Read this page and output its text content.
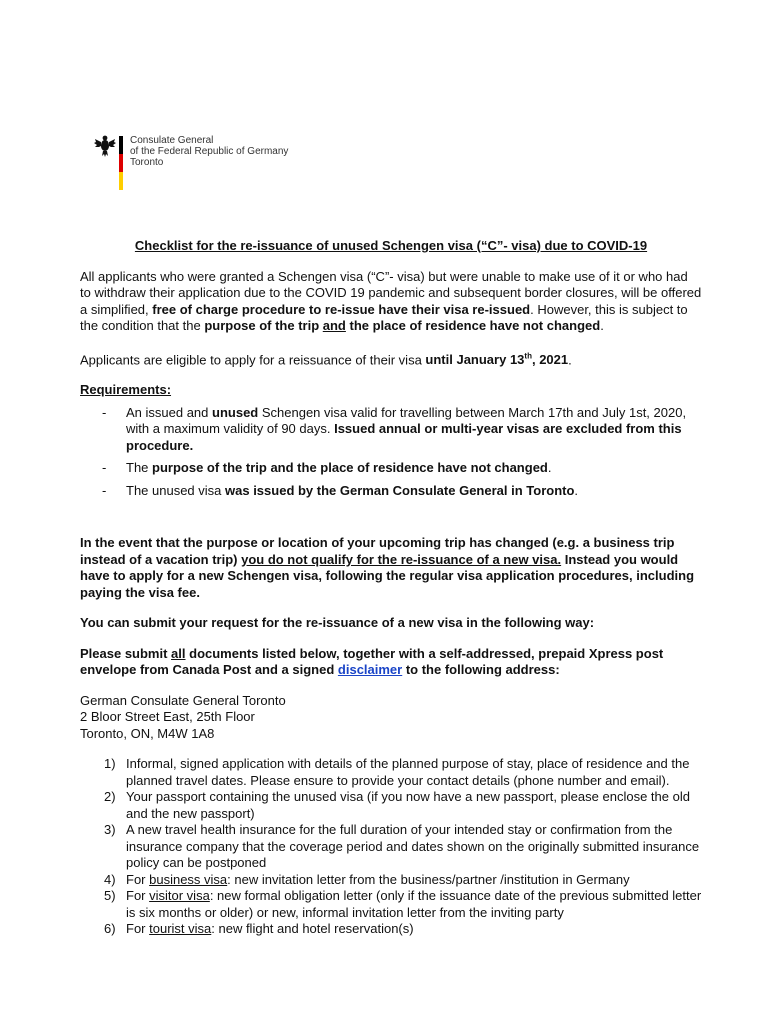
Consulate General
of the Federal Republic of Germany
Toronto
Checklist for the re-issuance of unused Schengen visa (“C”- visa) due to COVID-19

All applicants who were granted a Schengen visa (“C”- visa) but were unable to make use of it or who had to withdraw their application due to the COVID 19 pandemic and subsequent border closures, will be offered a simplified, free of charge procedure to re-issue have their visa re-issued. However, this is subject to the condition that the purpose of the trip and the place of residence have not changed.

Applicants are eligible to apply for a reissuance of their visa until January 13th, 2021.

Requirements:
- An issued and unused Schengen visa valid for travelling between March 17th and July 1st, 2020, with a maximum validity of 90 days. Issued annual or multi-year visas are excluded from this procedure.
- The purpose of the trip and the place of residence have not changed.
- The unused visa was issued by the German Consulate General in Toronto.

In the event that the purpose or location of your upcoming trip has changed (e.g. a business trip instead of a vacation trip) you do not qualify for the re-issuance of a new visa. Instead you would have to apply for a new Schengen visa, following the regular visa application procedures, including paying the visa fee.

You can submit your request for the re-issuance of a new visa in the following way:

Please submit all documents listed below, together with a self-addressed, prepaid Xpress post envelope from Canada Post and a signed disclaimer to the following address:

German Consulate General Toronto
2 Bloor Street East, 25th Floor
Toronto, ON, M4W 1A8
1) Informal, signed application with details of the planned purpose of stay, place of residence and the planned travel dates. Please ensure to provide your contact details (phone number and email).
2) Your passport containing the unused visa (if you now have a new passport, please enclose the old and the new passport)
3) A new travel health insurance for the full duration of your intended stay or confirmation from the insurance company that the coverage period and dates shown on the originally submitted insurance policy can be postponed
4) For business visa: new invitation letter from the business/partner /institution in Germany
5) For visitor visa: new formal obligation letter (only if the issuance date of the previous submitted letter is six months or older) or new, informal invitation letter from the inviting party
6) For tourist visa: new flight and hotel reservation(s)
